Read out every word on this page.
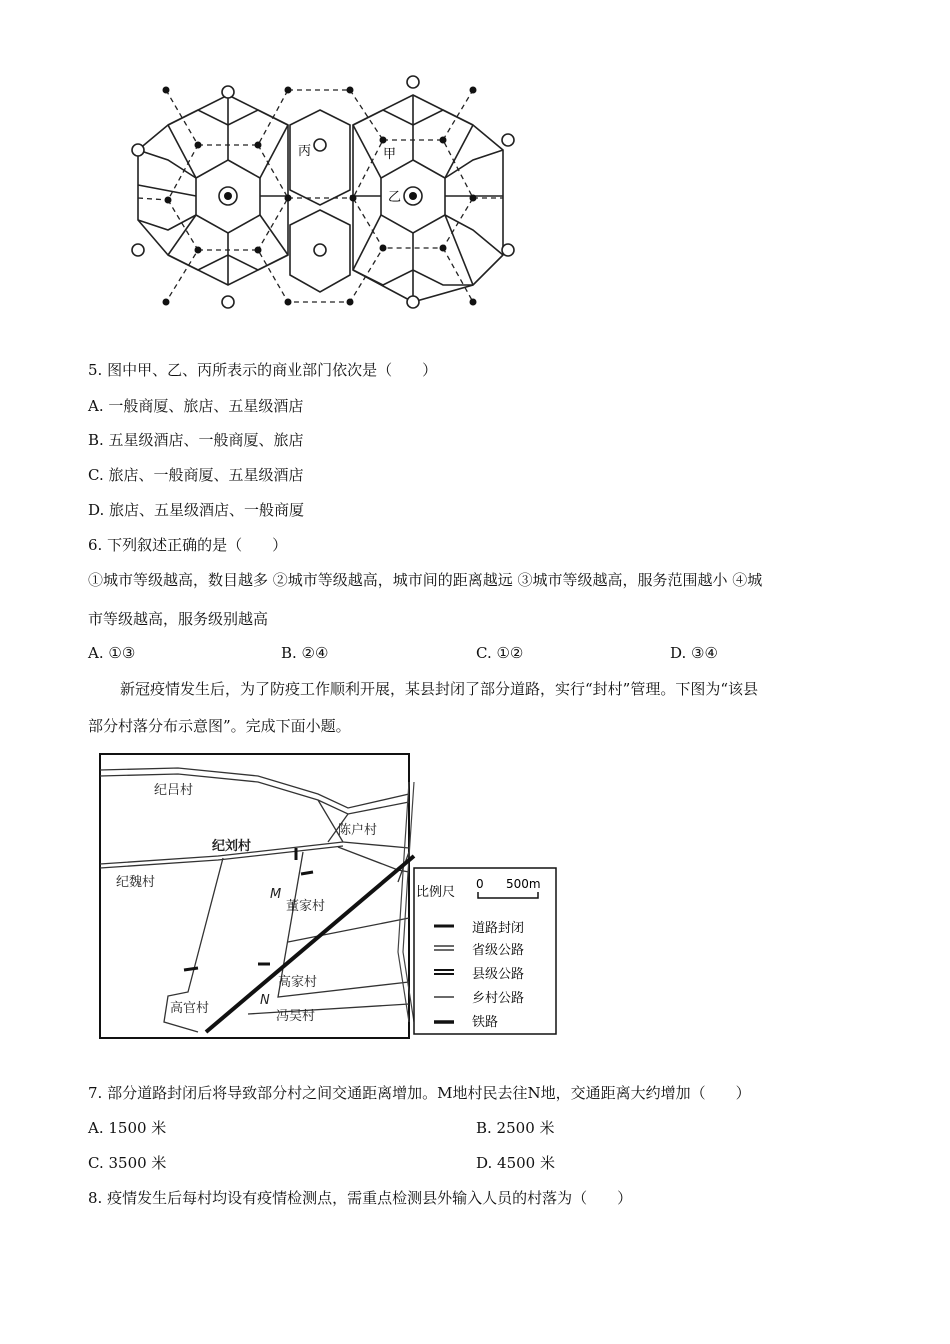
丙	甲
乙
5. 图中甲、乙、丙所表示的商业部门依次是（　　）
A. 一般商厦、旅店、五星级酒店
B. 五星级酒店、一般商厦、旅店
C. 旅店、一般商厦、五星级酒店
D. 旅店、五星级酒店、一般商厦
6. 下列叙述正确的是（　　）
①城市等级越高，数目越多 ②城市等级越高，城市间的距离越远 ③城市等级越高，服务范围越小 ④城
市等级越高，服务级别越高
A. ①③	B. ②④	C. ①②	D. ③④
新冠疫情发生后，为了防疫工作顺利开展，某县封闭了部分道路，实行“封村”管理。下图为“该县
部分村落分布示意图”。完成下面小题。
纪吕村
陈户村
纪刘村
纪魏村
董家村
高家村
高官村
冯吴村
M
N
比例尺
0 500m
道路封闭
省级公路
县级公路
乡村公路
铁路
7. 部分道路封闭后将导致部分村之间交通距离增加。M地村民去往N地，交通距离大约增加（　　）
A. 1500 米	B. 2500 米
C. 3500 米	D. 4500 米
8. 疫情发生后每村均设有疫情检测点，需重点检测县外输入人员的村落为（　　）
